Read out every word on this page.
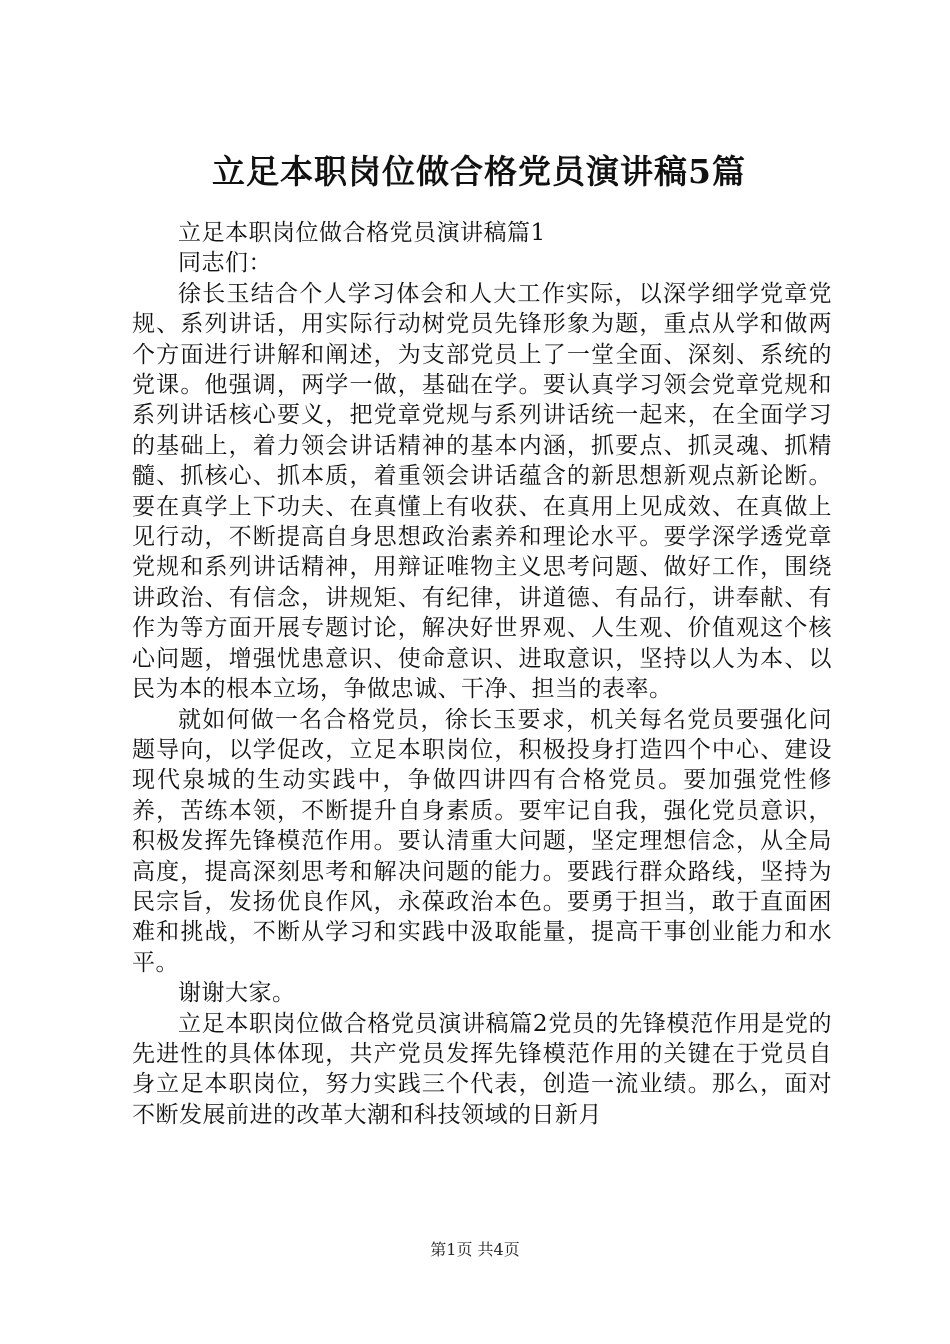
立足本职岗位做合格党员演讲稿5篇

立足本职岗位做合格党员演讲稿篇1

同志们：

徐长玉结合个人学习体会和人大工作实际，以深学细学党章党规、系列讲话，用实际行动树党员先锋形象为题，重点从学和做两个方面进行讲解和阐述，为支部党员上了一堂全面、深刻、系统的党课。他强调，两学一做，基础在学。要认真学习领会党章党规和系列讲话核心要义，把党章党规与系列讲话统一起来，在全面学习的基础上，着力领会讲话精神的基本内涵，抓要点、抓灵魂、抓精髓、抓核心、抓本质，着重领会讲话蕴含的新思想新观点新论断。要在真学上下功夫、在真懂上有收获、在真用上见成效、在真做上见行动，不断提高自身思想政治素养和理论水平。要学深学透党章党规和系列讲话精神，用辩证唯物主义思考问题、做好工作，围绕讲政治、有信念，讲规矩、有纪律，讲道德、有品行，讲奉献、有作为等方面开展专题讨论，解决好世界观、人生观、价值观这个核心问题，增强忧患意识、使命意识、进取意识，坚持以人为本、以民为本的根本立场，争做忠诚、干净、担当的表率。

就如何做一名合格党员，徐长玉要求，机关每名党员要强化问题导向，以学促改，立足本职岗位，积极投身打造四个中心、建设现代泉城的生动实践中，争做四讲四有合格党员。要加强党性修养，苦练本领，不断提升自身素质。要牢记自我，强化党员意识，积极发挥先锋模范作用。要认清重大问题，坚定理想信念，从全局高度，提高深刻思考和解决问题的能力。要践行群众路线，坚持为民宗旨，发扬优良作风，永葆政治本色。要勇于担当，敢于直面困难和挑战，不断从学习和实践中汲取能量，提高干事创业能力和水平。

谢谢大家。

立足本职岗位做合格党员演讲稿篇2党员的先锋模范作用是党的先进性的具体体现，共产党员发挥先锋模范作用的关键在于党员自身立足本职岗位，努力实践三个代表，创造一流业绩。那么，面对不断发展前进的改革大潮和科技领域的日新月

第1页 共4页
